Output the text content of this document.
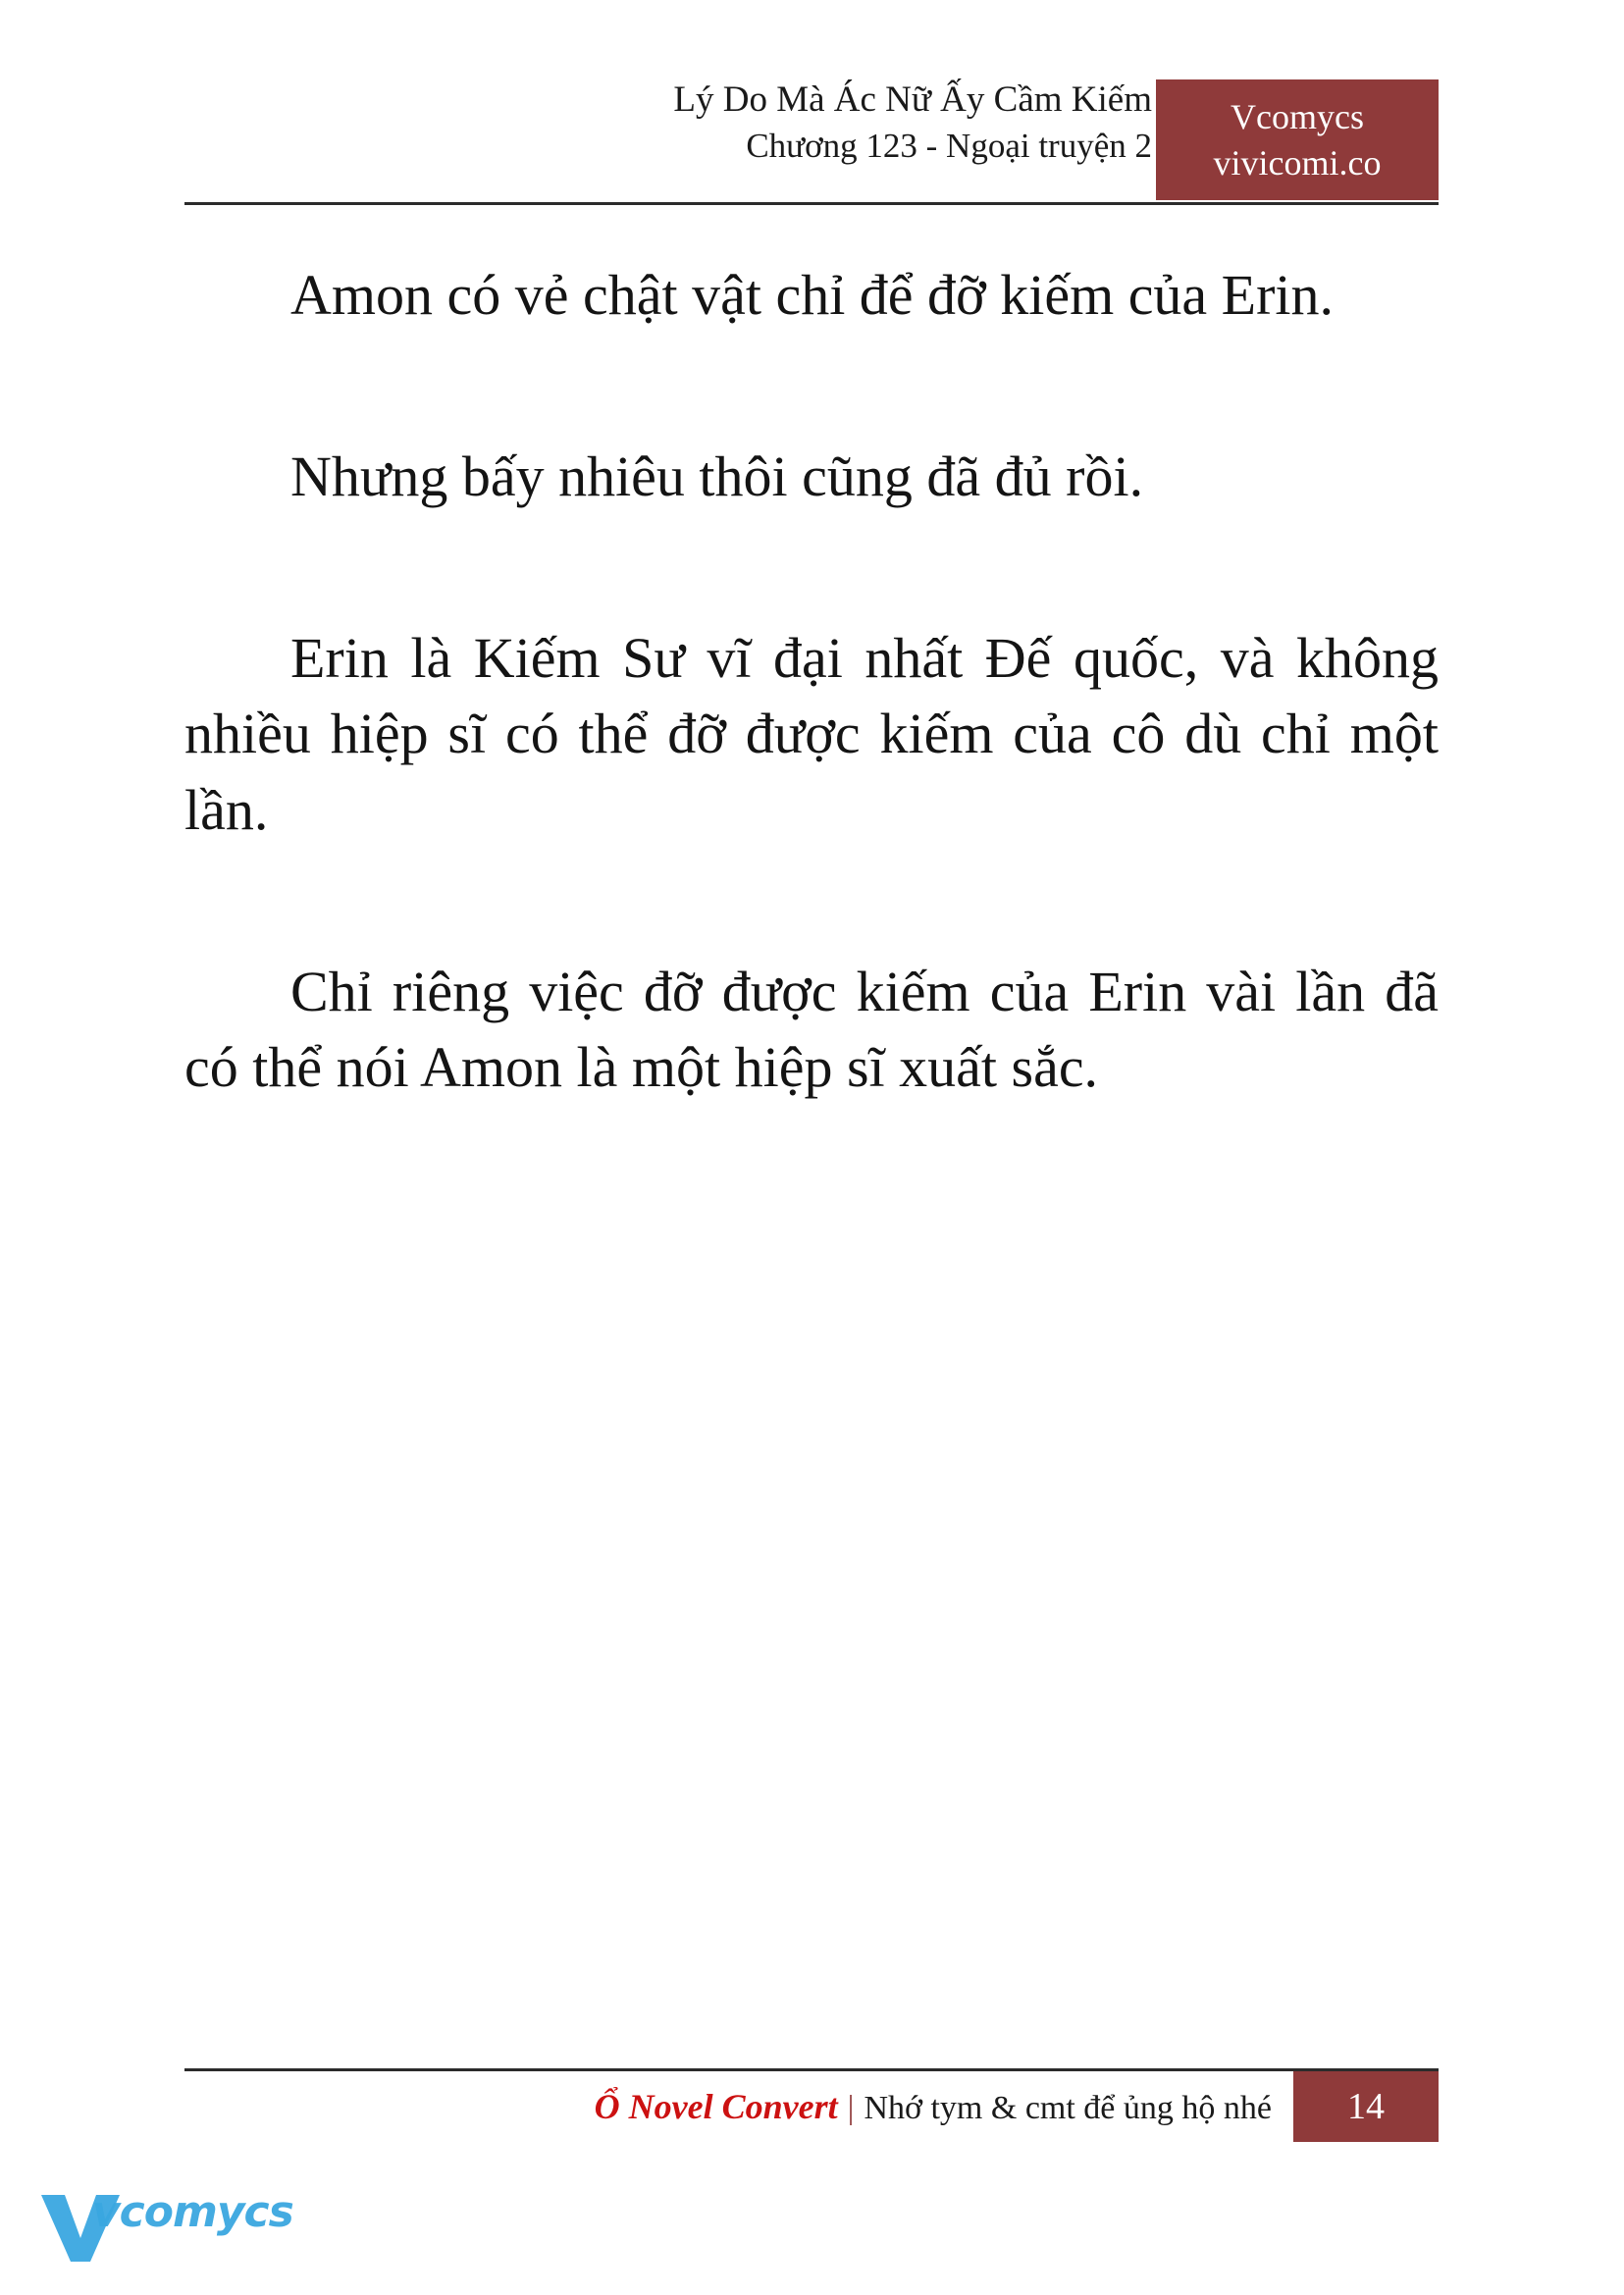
Lý Do Mà Ác Nữ Ấy Cầm Kiếm
Chương 123 - Ngoại truyện 2
Vcomycs
vivicomi.co

Amon có vẻ chật vật chỉ để đỡ kiếm của Erin.

Nhưng bấy nhiêu thôi cũng đã đủ rồi.

Erin là Kiếm Sư vĩ đại nhất Đế quốc, và không nhiều hiệp sĩ có thể đỡ được kiếm của cô dù chỉ một lần.

Chỉ riêng việc đỡ được kiếm của Erin vài lần đã có thể nói Amon là một hiệp sĩ xuất sắc.

Ổ Novel Convert | Nhớ tym & cmt để ủng hộ nhé	14
vcomycs
